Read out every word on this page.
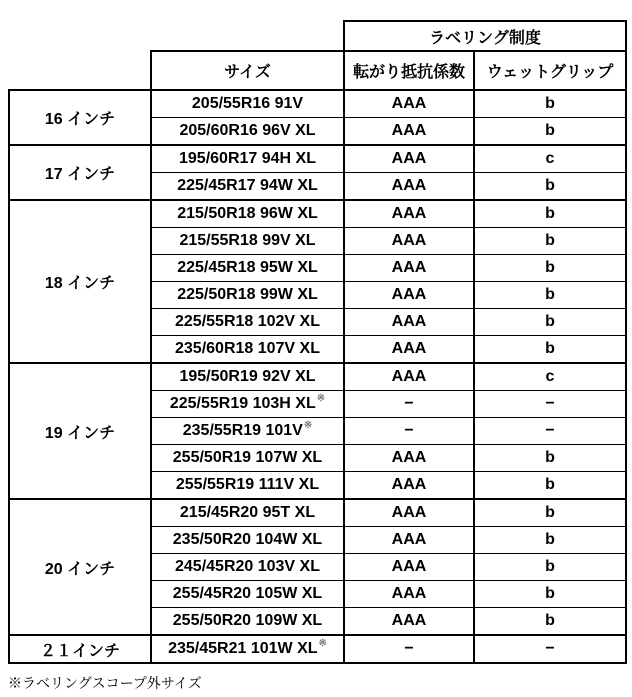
		ラベリング制度	
	サイズ	転がり抵抗係数	ウェットグリップ
16 インチ	205/55R16 91V	AAA	b
	205/60R16 96V XL	AAA	b
17 インチ	195/60R17 94H XL	AAA	c
	225/45R17 94W XL	AAA	b
18 インチ	215/50R18 96W XL	AAA	b
	215/55R18 99V XL	AAA	b
	225/45R18 95W XL	AAA	b
	225/50R18 99W XL	AAA	b
	225/55R18 102V XL	AAA	b
	235/60R18 107V XL	AAA	b
19 インチ	195/50R19 92V XL	AAA	c
	225/55R19 103H XL※	−	−
	235/55R19 101V※	−	−
	255/50R19 107W XL	AAA	b
	255/55R19 111V XL	AAA	b
20 インチ	215/45R20 95T XL	AAA	b
	235/50R20 104W XL	AAA	b
	245/45R20 103V XL	AAA	b
	255/45R20 105W XL	AAA	b
	255/50R20 109W XL	AAA	b
２１インチ	235/45R21 101W XL※	−	−
※ラベリングスコープ外サイズ
